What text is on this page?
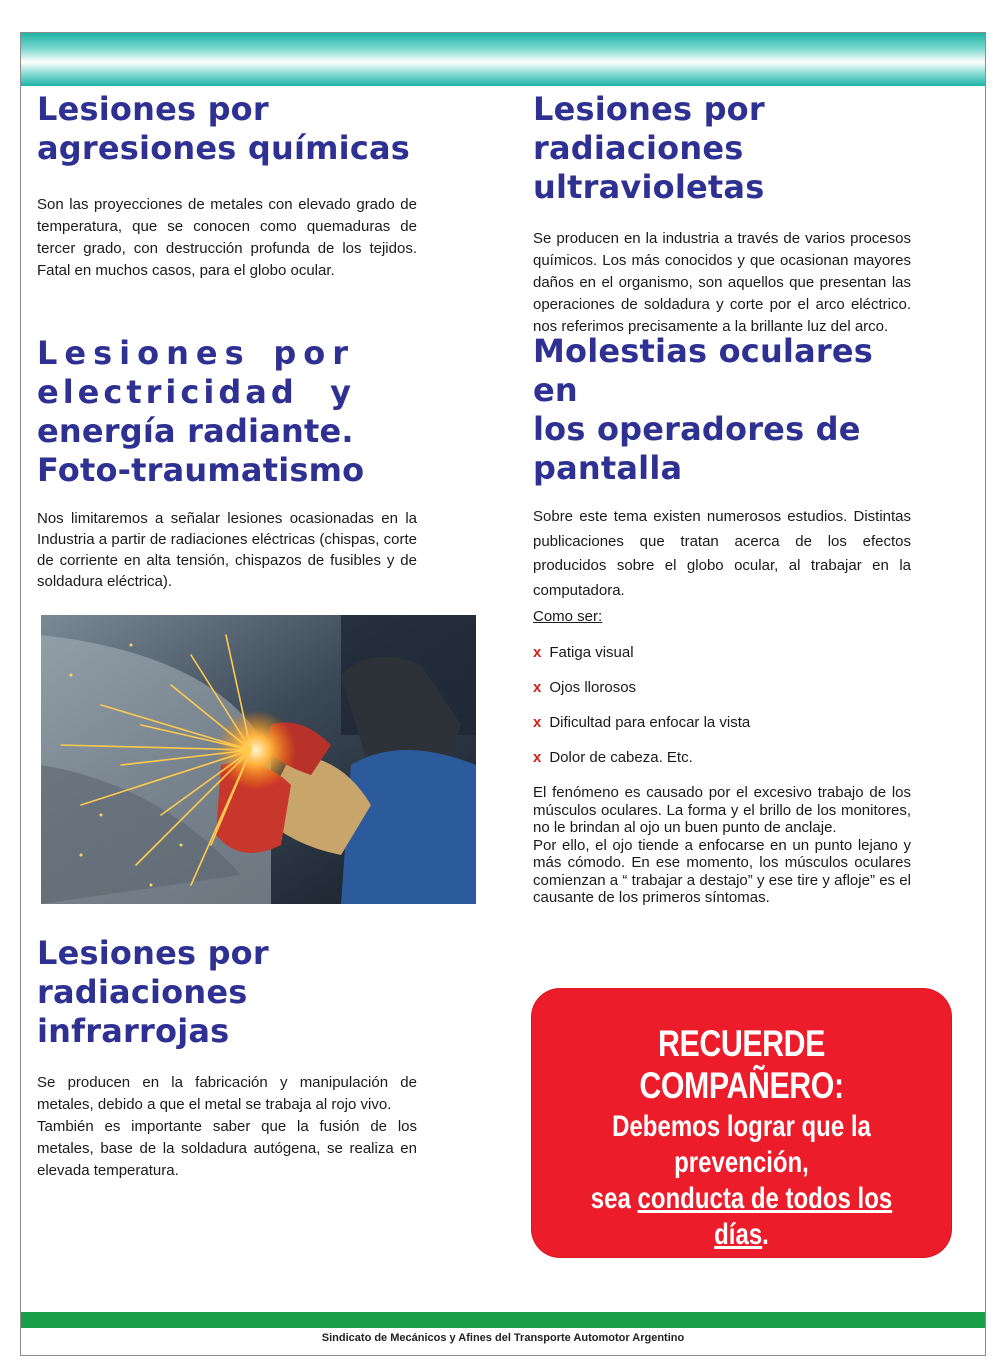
Lesiones por
agresiones químicas

Son las proyecciones de metales con elevado grado de temperatura, que se conocen como quemaduras de tercer grado, con destrucción profunda de los tejidos. Fatal en muchos casos, para el globo ocular.

Lesiones por
electricidad y
energía radiante.
Foto-traumatismo

Nos limitaremos a señalar lesiones ocasionadas en la Industria a partir de radiaciones eléctricas (chispas, corte de corriente en alta tensión, chispazos de fusibles y de soldadura eléctrica).

Lesiones por
radiaciones infrarrojas

Se producen en la fabricación y manipulación de metales, debido a que el metal se trabaja al rojo vivo.

También es importante saber que la fusión de los metales, base de la soldadura autógena, se realiza en elevada temperatura.

Lesiones por
radiaciones ultravioletas

Se producen en la industria a través de varios procesos químicos. Los más conocidos y que ocasionan mayores daños en el organismo, son aquellos que presentan las operaciones de soldadura y corte por el arco eléctrico. nos referimos precisamente a la brillante luz del arco.

Molestias oculares en
los operadores de
pantalla

Sobre este tema existen numerosos estudios. Distintas publicaciones que tratan acerca de los efectos producidos sobre el globo ocular, al trabajar en la computadora.

Como ser:
x Fatiga visual
x Ojos llorosos
x Dificultad para enfocar la vista
x Dolor de cabeza. Etc.

El fenómeno es causado por el excesivo trabajo de los músculos oculares. La forma y el brillo de los monitores, no le brindan al ojo un buen punto de anclaje.

Por ello, el ojo tiende a enfocarse en un punto lejano y más cómodo. En ese momento, los músculos oculares comienzan a “ trabajar a destajo” y ese tire y afloje” es el causante de los primeros síntomas.

RECUERDE COMPAÑERO:
Debemos lograr que la prevención,
sea conducta de todos los días.
Sindicato de Mecánicos y Afines del Transporte Automotor Argentino
